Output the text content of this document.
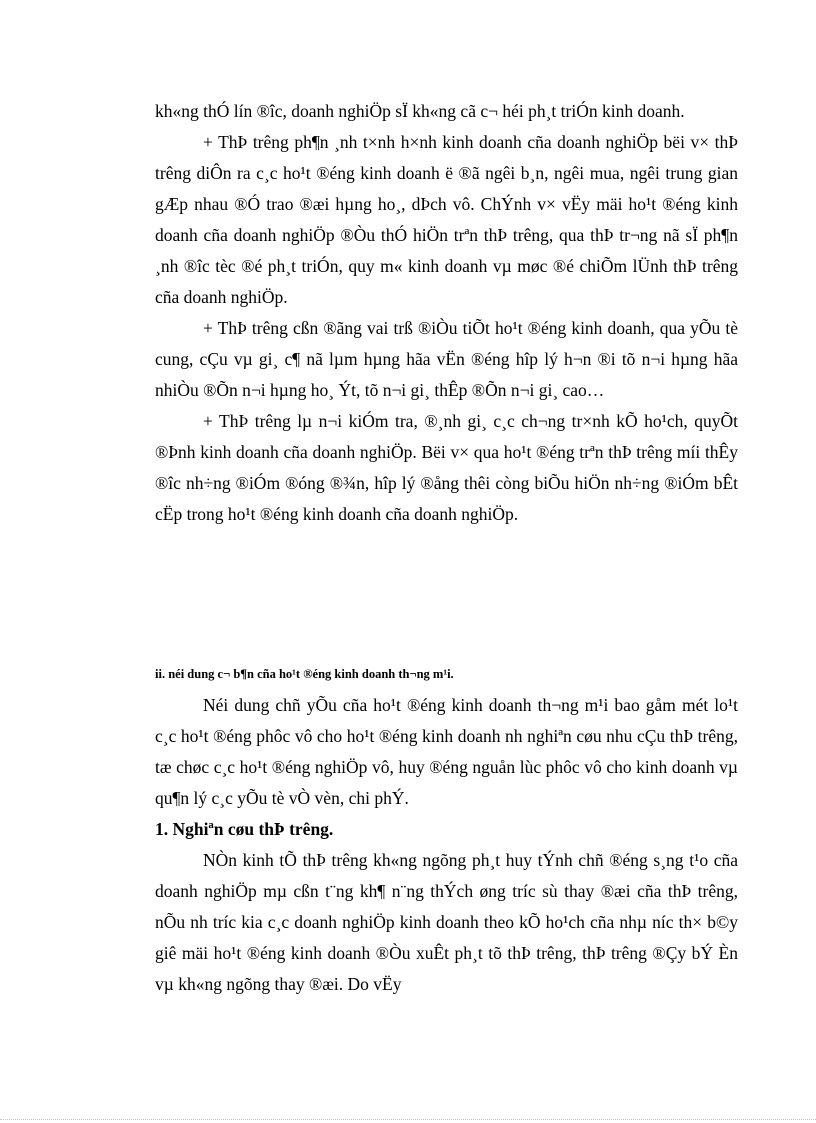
kh«ng thÓ lín ®îc, doanh nghiÖp sÏ kh«ng cã c¬ héi ph¸t triÓn kinh doanh.

+ ThÞ trêng ph¶n ¸nh t×nh h×nh kinh doanh cña doanh nghiÖp bëi v× thÞ trêng diÔn ra c¸c ho¹t ®éng kinh doanh ë ®ã ngêi b¸n, ngêi mua, ngêi trung gian gÆp nhau ®Ó trao ®æi hµng ho¸, dÞch vô. ChÝnh v× vËy mäi ho¹t ®éng kinh doanh cña doanh nghiÖp ®Òu thÓ hiÖn trªn thÞ trêng, qua thÞ tr¬ng nã sÏ ph¶n ¸nh ®îc tèc ®é ph¸t triÓn, quy m« kinh doanh vµ møc ®é chiÕm lÜnh thÞ trêng cña doanh nghiÖp.

+ ThÞ trêng cßn ®ãng vai trß ®iÒu tiÕt ho¹t ®éng kinh doanh, qua yÕu tè cung, cÇu vµ gi¸ c¶ nã lµm hµng hãa vËn ®éng hîp lý h¬n ®i tõ n¬i hµng hãa nhiÒu ®Õn n¬i hµng ho¸ Ýt, tõ n¬i gi¸ thÊp ®Õn n¬i gi¸ cao…

+ ThÞ trêng lµ n¬i kiÓm tra, ®¸nh gi¸ c¸c ch¬ng tr×nh kÕ ho¹ch, quyÕt ®Þnh kinh doanh cña doanh nghiÖp. Bëi v× qua ho¹t ®éng trªn thÞ trêng míi thÊy ®îc nh÷ng ®iÓm ®óng ®¾n, hîp lý ®ång thêi còng biÕu hiÖn nh÷ng ®iÓm bÊt cËp trong ho¹t ®éng kinh doanh cña doanh nghiÖp.

ii. néi dung c¬ b¶n cña ho¹t ®éng kinh doanh th¬ng m¹i.

Néi dung chñ yÕu cña ho¹t ®éng kinh doanh th¬ng m¹i bao gåm mét lo¹t c¸c ho¹t ®éng phôc vô cho ho¹t ®éng kinh doanh nh nghiªn cøu nhu cÇu thÞ trêng, tæ chøc c¸c ho¹t ®éng nghiÖp vô, huy ®éng nguån lùc phôc vô cho kinh doanh vµ qu¶n lý c¸c yÕu tè vÒ vèn, chi phÝ.

1. Nghiªn cøu thÞ trêng.

NÒn kinh tÕ thÞ trêng kh«ng ngõng ph¸t huy tÝnh chñ ®éng s¸ng t¹o cña doanh nghiÖp mµ cßn t¨ng kh¶ n¨ng thÝch øng tríc sù thay ®æi cña thÞ trêng, nÕu nh tríc kia c¸c doanh nghiÖp kinh doanh theo kÕ ho¹ch cña nhµ níc th× b©y giê mäi ho¹t ®éng kinh doanh ®Òu xuÊt ph¸t tõ thÞ trêng, thÞ trêng ®Çy bÝ Èn vµ kh«ng ngõng thay ®æi. Do vËy
